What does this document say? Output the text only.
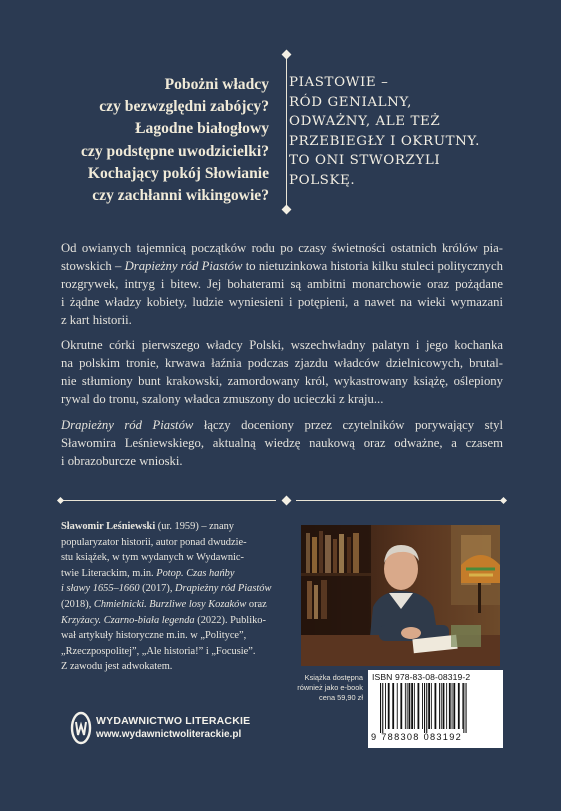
Pobożni władcy
czy bezwzględni zabójcy?
Łagodne białogłowy
czy podstępne uwodzicielki?
Kochający pokój Słowianie
czy zachłanni wikingowie?
PIASTOWIE –
RÓD GENIALNY,
ODWAŻNY, ALE TEŻ
PRZEBIEGŁY I OKRUTNY.
TO ONI STWORZYLI
POLSKĘ.
Od owianych tajemnicą początków rodu po czasy świetności ostatnich królów pia-
stowskich – Drapieżny ród Piastów to nietuzinkowa historia kilku stuleci politycznych
rozgrywek, intryg i bitew. Jej bohaterami są ambitni monarchowie oraz pożądane
i żądne władzy kobiety, ludzie wyniesieni i potępieni, a nawet na wieki wymazani
z kart historii.
Okrutne córki pierwszego władcy Polski, wszechwładny palatyn i jego kochanka
na polskim tronie, krwawa łaźnia podczas zjazdu władców dzielnicowych, brutal-
nie stłumiony bunt krakowski, zamordowany król, wykastrowany książę, oślepiony
rywal do tronu, szalony władca zmuszony do ucieczki z kraju...
Drapieżny ród Piastów łączy doceniony przez czytelników porywający styl
Sławomira Leśniewskiego, aktualną wiedzę naukową oraz odważne, a czasem
i obrazoburcze wnioski.
Sławomir Leśniewski (ur. 1959) – znany
popularyzator historii, autor ponad dwudzie-
stu książek, w tym wydanych w Wydawnic-
twie Literackim, m.in. Potop. Czas hańby
i sławy 1655–1660 (2017), Drapieżny ród Piastów
(2018), Chmielnicki. Burzliwe losy Kozaków oraz
Krzyżacy. Czarno-biała legenda (2022). Publiko-
wał artykuły historyczne m.in. w „Polityce”,
„Rzeczpospolitej”, „Ale historia!” i „Focusie”.
Z zawodu jest adwokatem.
Książka dostępna
również jako e-book
cena 59,90 zł
ISBN 978-83-08-08319-2
9 788308 083192
WYDAWNICTWO LITERACKIE
www.wydawnictwoliterackie.pl
